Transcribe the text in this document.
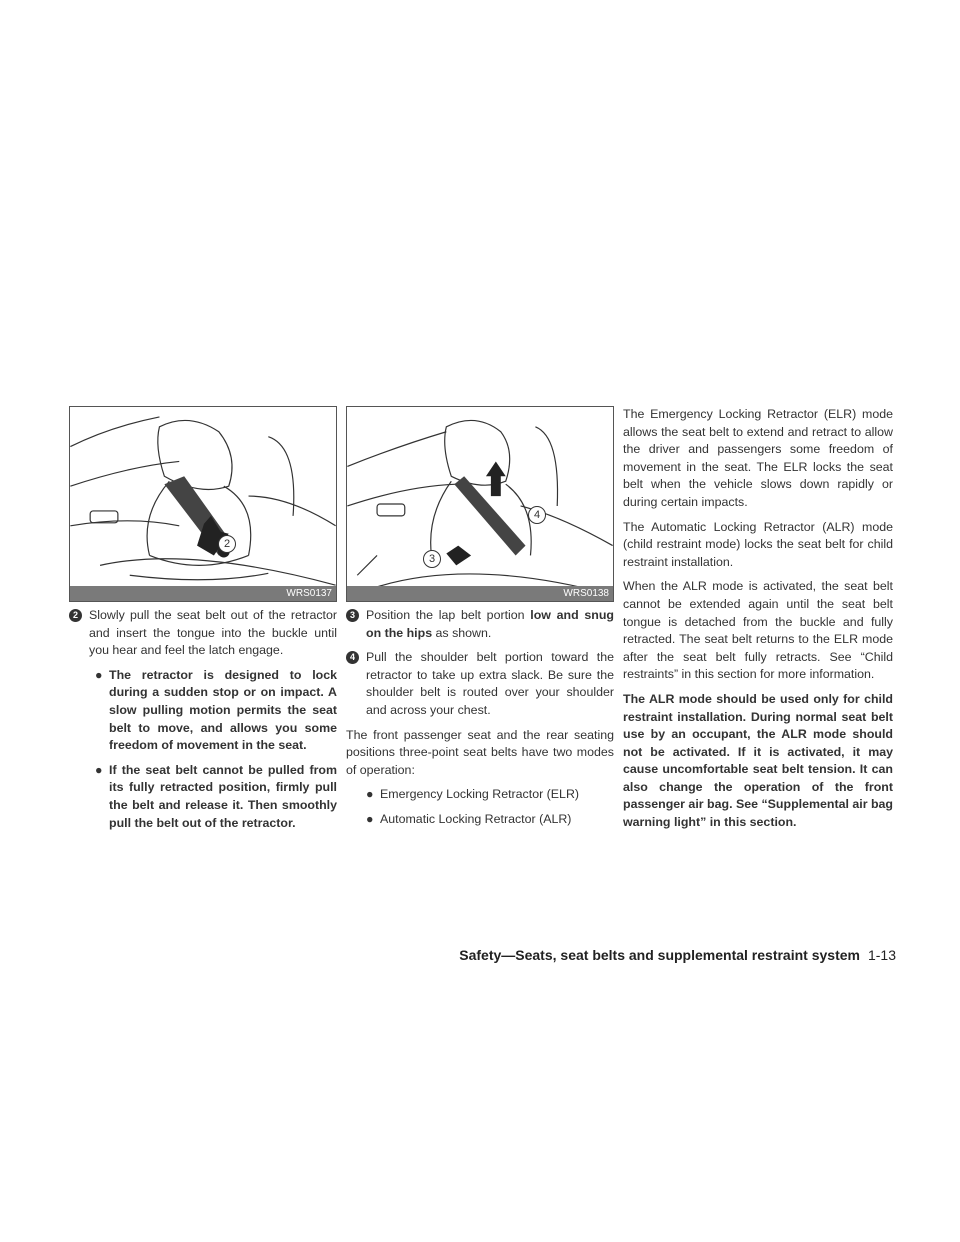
2
WRS0137
3
4
WRS0138
2 Slowly pull the seat belt out of the retractor and insert the tongue into the buckle until you hear and feel the latch engage.
● The retractor is designed to lock during a sudden stop or on impact. A slow pulling motion permits the seat belt to move, and allows you some freedom of movement in the seat.
● If the seat belt cannot be pulled from its fully retracted position, firmly pull the belt and release it. Then smoothly pull the belt out of the retractor.
3 Position the lap belt portion low and snug on the hips as shown.
4 Pull the shoulder belt portion toward the retractor to take up extra slack. Be sure the shoulder belt is routed over your shoulder and across your chest.

The front passenger seat and the rear seating positions three-point seat belts have two modes of operation:

● Emergency Locking Retractor (ELR)
● Automatic Locking Retractor (ALR)

The Emergency Locking Retractor (ELR) mode allows the seat belt to extend and retract to allow the driver and passengers some freedom of movement in the seat. The ELR locks the seat belt when the vehicle slows down rapidly or during certain impacts.

The Automatic Locking Retractor (ALR) mode (child restraint mode) locks the seat belt for child restraint installation.

When the ALR mode is activated, the seat belt cannot be extended again until the seat belt tongue is detached from the buckle and fully retracted. The seat belt returns to the ELR mode after the seat belt fully retracts. See “Child restraints” in this section for more information.

The ALR mode should be used only for child restraint installation. During normal seat belt use by an occupant, the ALR mode should not be activated. If it is activated, it may cause uncomfortable seat belt tension. It can also change the operation of the front passenger air bag. See “Supplemental air bag warning light” in this section.

Safety—Seats, seat belts and supplemental restraint system 1-13
